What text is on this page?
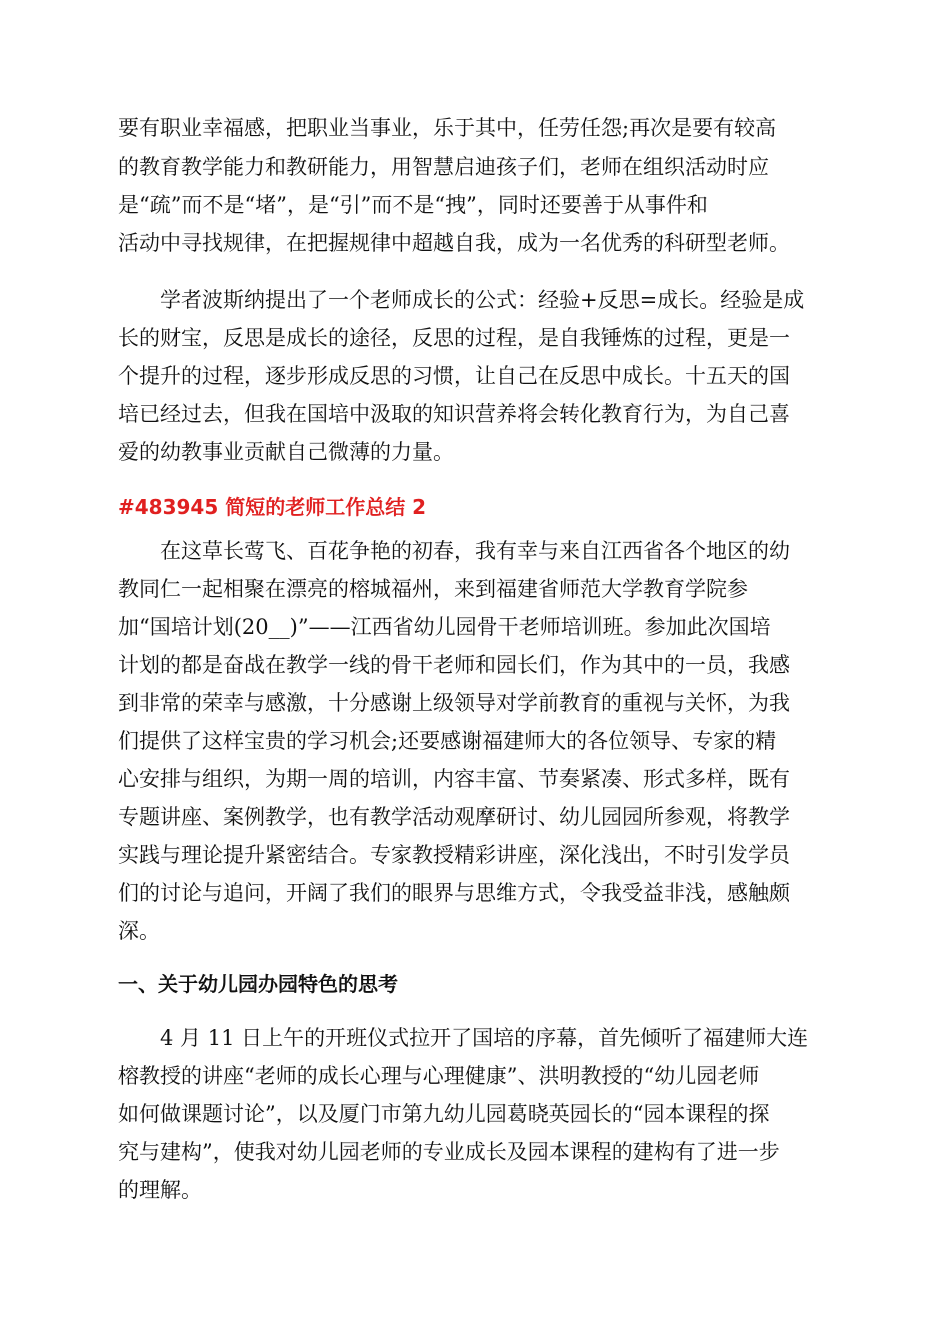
要有职业幸福感，把职业当事业，乐于其中，任劳任怨;再次是要有较高
的教育教学能力和教研能力，用智慧启迪孩子们，老师在组织活动时应
是“疏”而不是“堵”，是“引”而不是“拽”，同时还要善于从事件和
活动中寻找规律，在把握规律中超越自我，成为一名优秀的科研型老师。
学者波斯纳提出了一个老师成长的公式：经验+反思=成长。经验是成
长的财宝，反思是成长的途径，反思的过程，是自我锤炼的过程，更是一
个提升的过程，逐步形成反思的习惯，让自己在反思中成长。十五天的国
培已经过去，但我在国培中汲取的知识营养将会转化教育行为，为自己喜
爱的幼教事业贡献自己微薄的力量。
#483945 简短的老师工作总结 2
在这草长莺飞、百花争艳的初春，我有幸与来自江西省各个地区的幼
教同仁一起相聚在漂亮的榕城福州，来到福建省师范大学教育学院参
加“国培计划(20__)”——江西省幼儿园骨干老师培训班。参加此次国培
计划的都是奋战在教学一线的骨干老师和园长们，作为其中的一员，我感
到非常的荣幸与感激，十分感谢上级领导对学前教育的重视与关怀，为我
们提供了这样宝贵的学习机会;还要感谢福建师大的各位领导、专家的精
心安排与组织，为期一周的培训，内容丰富、节奏紧凑、形式多样，既有
专题讲座、案例教学，也有教学活动观摩研讨、幼儿园园所参观，将教学
实践与理论提升紧密结合。专家教授精彩讲座，深化浅出，不时引发学员
们的讨论与追问，开阔了我们的眼界与思维方式，令我受益非浅，感触颇
深。
一、关于幼儿园办园特色的思考
4 月 11 日上午的开班仪式拉开了国培的序幕，首先倾听了福建师大连
榕教授的讲座“老师的成长心理与心理健康”、洪明教授的“幼儿园老师
如何做课题讨论”，以及厦门市第九幼儿园葛晓英园长的“园本课程的探
究与建构”，使我对幼儿园老师的专业成长及园本课程的建构有了进一步
的理解。
